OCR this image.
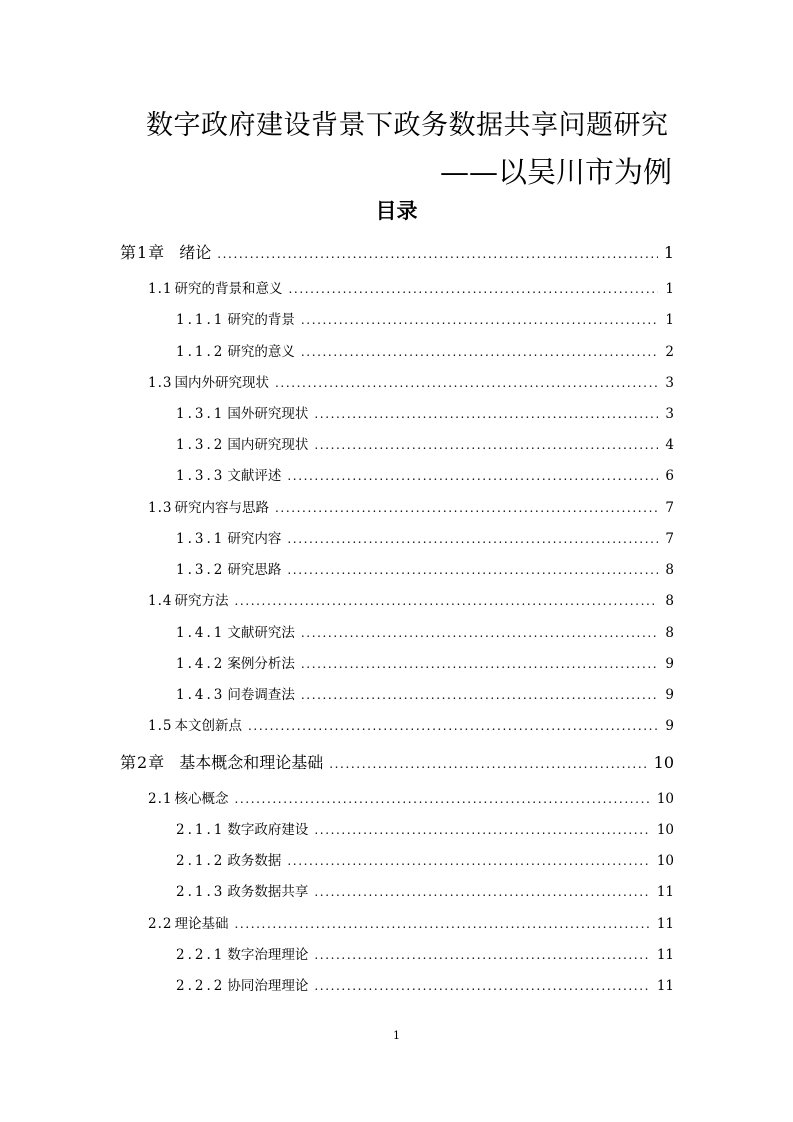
数字政府建设背景下政务数据共享问题研究
——以吴川市为例
目录
第1章 绪论 .....	1
1.1 研究的背景和意义 .....	1
1.1.1 研究的背景 .....	1
1.1.2 研究的意义 .....	2
1.3 国内外研究现状 .....	3
1.3.1 国外研究现状 .....	3
1.3.2 国内研究现状 .....	4
1.3.3 文献评述 .....	6
1.3 研究内容与思路 .....	7
1.3.1 研究内容 .....	7
1.3.2 研究思路 .....	8
1.4 研究方法 .....	8
1.4.1 文献研究法 .....	8
1.4.2 案例分析法 .....	9
1.4.3 问卷调查法 .....	9
1.5 本文创新点 .....	9
第2章 基本概念和理论基础 .....	10
2.1 核心概念 .....	10
2.1.1 数字政府建设 .....	10
2.1.2 政务数据 .....	10
2.1.3 政务数据共享 .....	11
2.2 理论基础 .....	11
2.2.1 数字治理理论 .....	11
2.2.2 协同治理理论 .....	11
1
